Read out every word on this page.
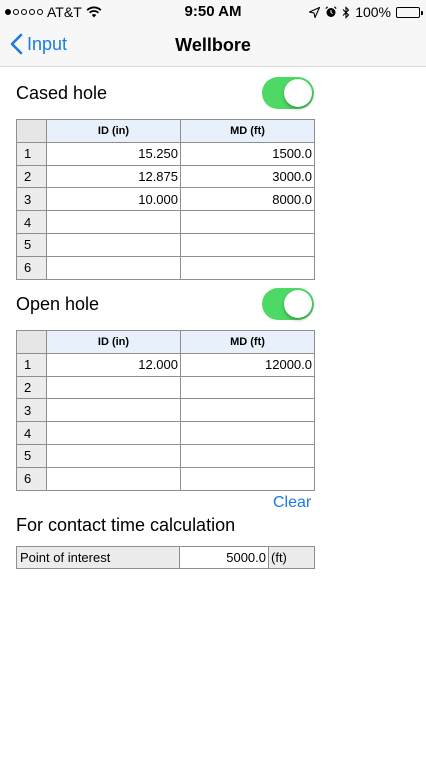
AT&T	9:50 AM	100%
Input	Wellbore
Cased hole
	ID (in)	MD (ft)
1	15.250	1500.0
2	12.875	3000.0
3	10.000	8000.0
4		
5		
6		
Open hole
	ID (in)	MD (ft)
1	12.000	12000.0
2		
3		
4		
5		
6		
Clear
For contact time calculation
Point of interest	5000.0	(ft)
